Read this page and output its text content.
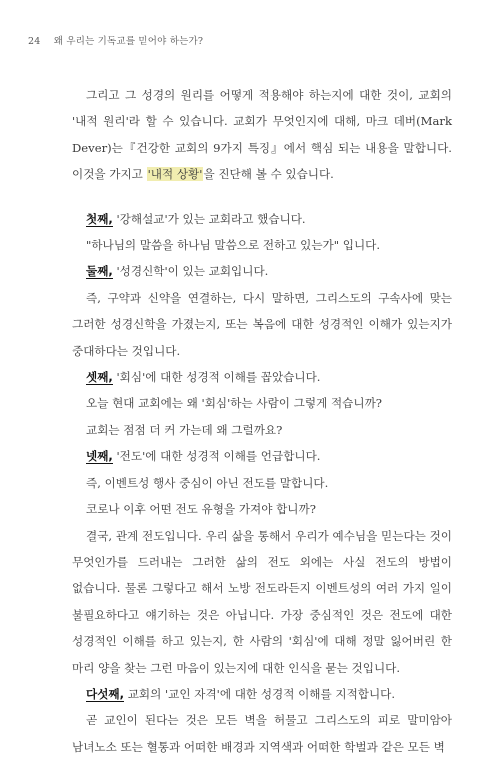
24 왜 우리는 기독교를 믿어야 하는가?

그리고 그 성경의 원리를 어떻게 적용해야 하는지에 대한 것이, 교회의 '내적 원리'라 할 수 있습니다. 교회가 무엇인지에 대해, 마크 데버(Mark Dever)는『건강한 교회의 9가지 특징』에서 핵심 되는 내용을 말합니다. 이것을 가지고 '내적 상황'을 진단해 볼 수 있습니다.

첫째, '강해설교'가 있는 교회라고 했습니다.

"하나님의 말씀을 하나님 말씀으로 전하고 있는가" 입니다.

둘째, '성경신학'이 있는 교회입니다.

즉, 구약과 신약을 연결하는, 다시 말하면, 그리스도의 구속사에 맞는 그러한 성경신학을 가졌는지, 또는 복음에 대한 성경적인 이해가 있는지가 중대하다는 것입니다.

셋째, '회심'에 대한 성경적 이해를 꼽았습니다.

오늘 현대 교회에는 왜 '회심'하는 사람이 그렇게 적습니까?

교회는 점점 더 커 가는데 왜 그럴까요?

넷째, '전도'에 대한 성경적 이해를 언급합니다.

즉, 이벤트성 행사 중심이 아닌 전도를 말합니다.

코로나 이후 어떤 전도 유형을 가져야 합니까?

결국, 관계 전도입니다. 우리 삶을 통해서 우리가 예수님을 믿는다는 것이 무엇인가를 드러내는 그러한 삶의 전도 외에는 사실 전도의 방법이 없습니다. 물론 그렇다고 해서 노방 전도라든지 이벤트성의 여러 가지 일이 불필요하다고 얘기하는 것은 아닙니다. 가장 중심적인 것은 전도에 대한 성경적인 이해를 하고 있는지, 한 사람의 '회심'에 대해 정말 잃어버린 한 마리 양을 찾는 그런 마음이 있는지에 대한 인식을 묻는 것입니다.

다섯째, 교회의 '교인 자격'에 대한 성경적 이해를 지적합니다.

곧 교인이 된다는 것은 모든 벽을 허물고 그리스도의 피로 말미암아 남녀노소 또는 혈통과 어떠한 배경과 지역색과 어떠한 학벌과 같은 모든 벽
